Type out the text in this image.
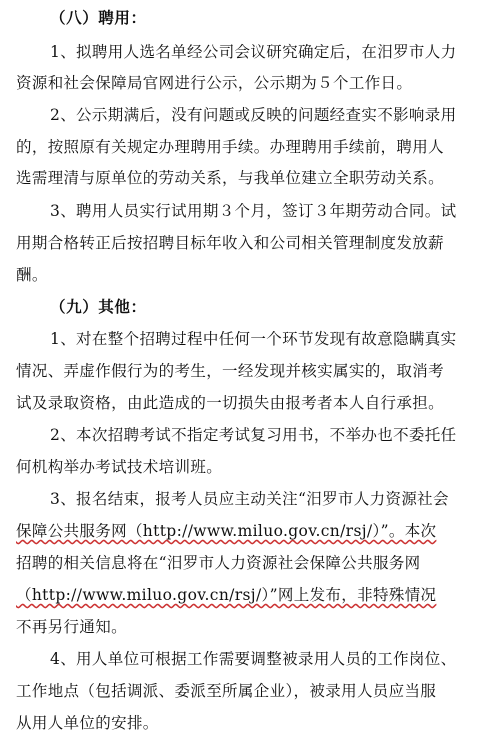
（八）聘用：
1、拟聘用人选名单经公司会议研究确定后，在汨罗市人力
资源和社会保障局官网进行公示，公示期为５个工作日。
2、公示期满后，没有问题或反映的问题经查实不影响录用
的，按照原有关规定办理聘用手续。办理聘用手续前，聘用人
选需理清与原单位的劳动关系，与我单位建立全职劳动关系。
3、聘用人员实行试用期３个月，签订３年期劳动合同。试
用期合格转正后按招聘目标年收入和公司相关管理制度发放薪
酬。
（九）其他：
1、对在整个招聘过程中任何一个环节发现有故意隐瞒真实
情况、弄虚作假行为的考生，一经发现并核实属实的，取消考
试及录取资格，由此造成的一切损失由报考者本人自行承担。
2、本次招聘考试不指定考试复习用书，不举办也不委托任
何机构举办考试技术培训班。
3、报名结束，报考人员应主动关注“汨罗市人力资源社会
保障公共服务网（http://www.miluo.gov.cn/rsj/）”。本次
招聘的相关信息将在“汨罗市人力资源社会保障公共服务网
（http://www.miluo.gov.cn/rsj/）”网上发布，非特殊情况
不再另行通知。
4、用人单位可根据工作需要调整被录用人员的工作岗位、
工作地点（包括调派、委派至所属企业），被录用人员应当服
从用人单位的安排。
